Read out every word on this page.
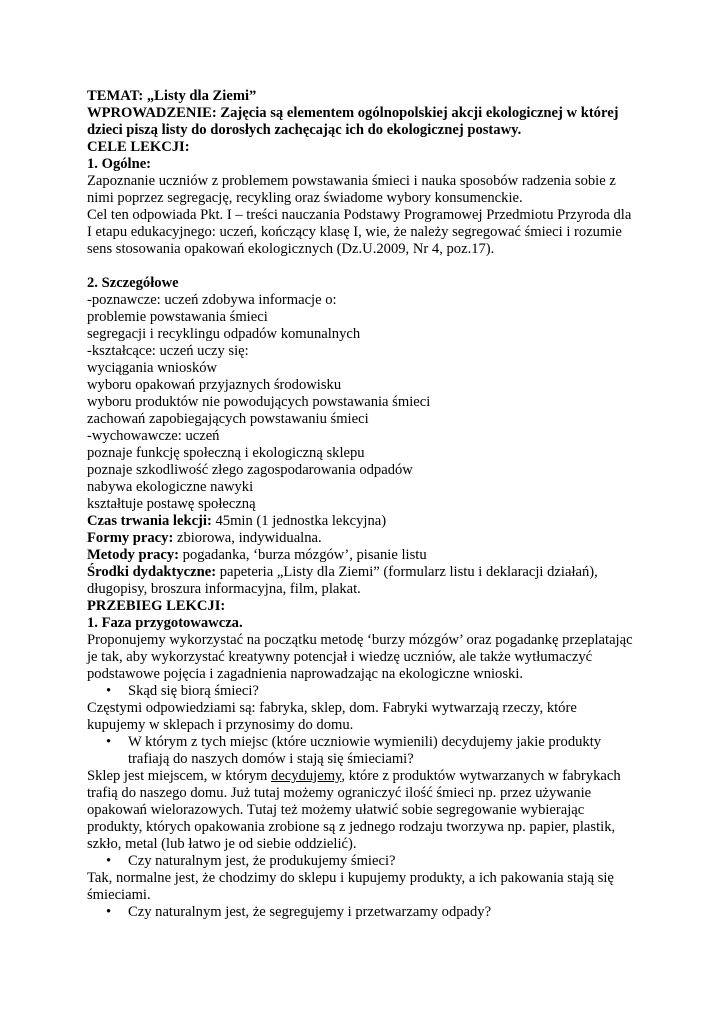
TEMAT: „Listy dla Ziemi”
WPROWADZENIE: Zajęcia są elementem ogólnopolskiej akcji ekologicznej w której
dzieci piszą listy do dorosłych zachęcając ich do ekologicznej postawy.
CELE LEKCJI:
1. Ogólne:
Zapoznanie uczniów z problemem powstawania śmieci i nauka sposobów radzenia sobie z
nimi poprzez segregację, recykling oraz świadome wybory konsumenckie.
Cel ten odpowiada Pkt. I – treści nauczania Podstawy Programowej Przedmiotu Przyroda dla
I etapu edukacyjnego: uczeń, kończący klasę I, wie, że należy segregować śmieci i rozumie
sens stosowania opakowań ekologicznych (Dz.U.2009, Nr 4, poz.17).
2. Szczegółowe
-poznawcze: uczeń zdobywa informacje o:
problemie powstawania śmieci
segregacji i recyklingu odpadów komunalnych
-kształcące: uczeń uczy się:
wyciągania wniosków
wyboru opakowań przyjaznych środowisku
wyboru produktów nie powodujących powstawania śmieci
zachowań zapobiegających powstawaniu śmieci
-wychowawcze: uczeń
poznaje funkcję społeczną i ekologiczną sklepu
poznaje szkodliwość złego zagospodarowania odpadów
nabywa ekologiczne nawyki
kształtuje postawę społeczną
Czas trwania lekcji: 45min (1 jednostka lekcyjna)
Formy pracy: zbiorowa, indywidualna.
Metody pracy: pogadanka, ‘burza mózgów’, pisanie listu
Środki dydaktyczne: papeteria „Listy dla Ziemi” (formularz listu i deklaracji działań),
długopisy, broszura informacyjna, film, plakat.
PRZEBIEG LEKCJI:
1. Faza przygotowawcza.
Proponujemy wykorzystać na początku metodę ‘burzy mózgów’ oraz pogadankę przeplatając
je tak, aby wykorzystać kreatywny potencjał i wiedzę uczniów, ale także wytłumaczyć
podstawowe pojęcia i zagadnienia naprowadzając na ekologiczne wnioski.
• Skąd się biorą śmieci?
Częstymi odpowiedziami są: fabryka, sklep, dom. Fabryki wytwarzają rzeczy, które
kupujemy w sklepach i przynosimy do domu.
• W którym z tych miejsc (które uczniowie wymienili) decydujemy jakie produkty
trafiają do naszych domów i stają się śmieciami?
Sklep jest miejscem, w którym decydujemy, które z produktów wytwarzanych w fabrykach
trafią do naszego domu. Już tutaj możemy ograniczyć ilość śmieci np. przez używanie
opakowań wielorazowych. Tutaj też możemy ułatwić sobie segregowanie wybierając
produkty, których opakowania zrobione są z jednego rodzaju tworzywa np. papier, plastik,
szkło, metal (lub łatwo je od siebie oddzielić).
• Czy naturalnym jest, że produkujemy śmieci?
Tak, normalne jest, że chodzimy do sklepu i kupujemy produkty, a ich pakowania stają się
śmieciami.
• Czy naturalnym jest, że segregujemy i przetwarzamy odpady?
